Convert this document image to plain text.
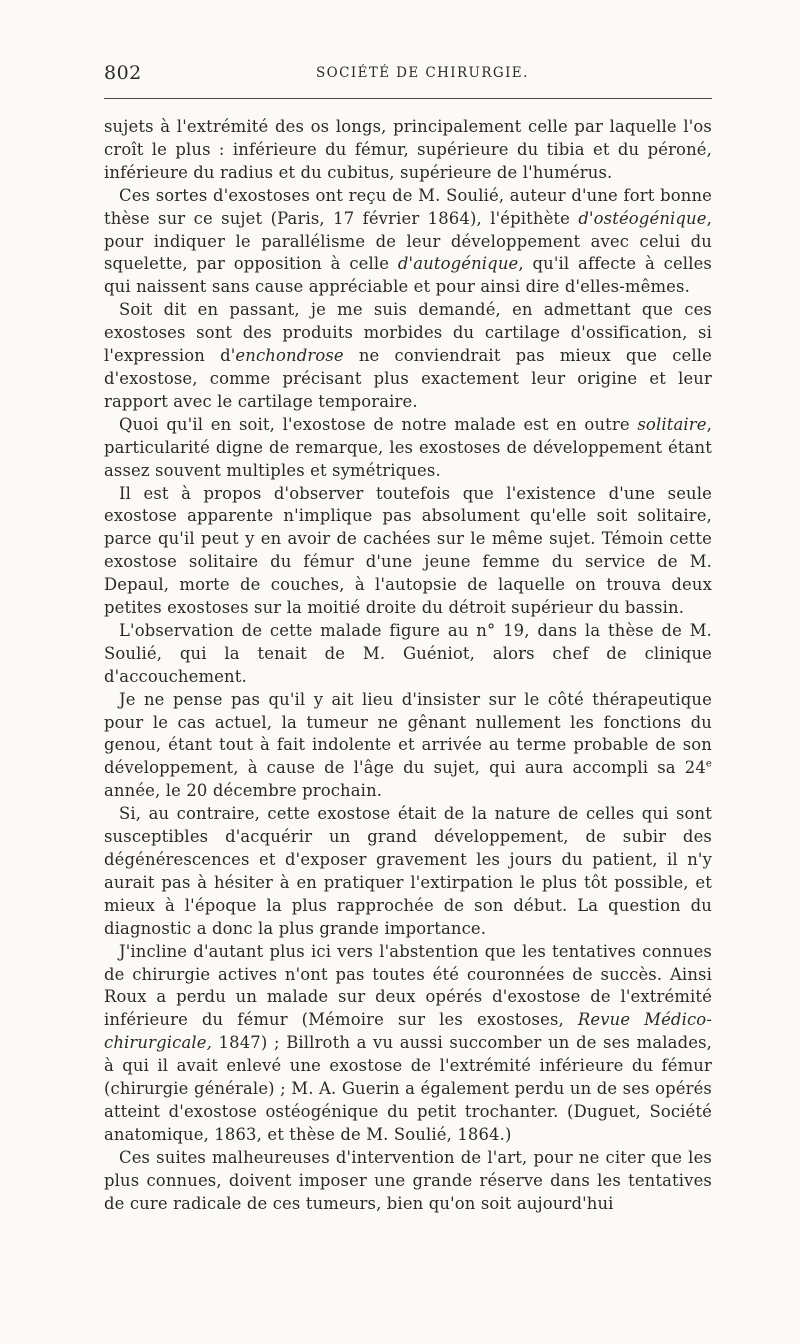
802	SOCIÉTÉ DE CHIRURGIE.

sujets à l'extrémité des os longs, principalement celle par laquelle l'os croît le plus : inférieure du fémur, supérieure du tibia et du péroné, inférieure du radius et du cubitus, supérieure de l'humérus.

Ces sortes d'exostoses ont reçu de M. Soulié, auteur d'une fort bonne thèse sur ce sujet (Paris, 17 février 1864), l'épithète d'ostéogénique, pour indiquer le parallélisme de leur développement avec celui du squelette, par opposition à celle d'autogénique, qu'il affecte à celles qui naissent sans cause appréciable et pour ainsi dire d'elles-mêmes.

Soit dit en passant, je me suis demandé, en admettant que ces exostoses sont des produits morbides du cartilage d'ossification, si l'expression d'enchondrose ne conviendrait pas mieux que celle d'exostose, comme précisant plus exactement leur origine et leur rapport avec le cartilage temporaire.

Quoi qu'il en soit, l'exostose de notre malade est en outre solitaire, particularité digne de remarque, les exostoses de développement étant assez souvent multiples et symétriques.

Il est à propos d'observer toutefois que l'existence d'une seule exostose apparente n'implique pas absolument qu'elle soit solitaire, parce qu'il peut y en avoir de cachées sur le même sujet. Témoin cette exostose solitaire du fémur d'une jeune femme du service de M. Depaul, morte de couches, à l'autopsie de laquelle on trouva deux petites exostoses sur la moitié droite du détroit supérieur du bassin.

L'observation de cette malade figure au n° 19, dans la thèse de M. Soulié, qui la tenait de M. Guéniot, alors chef de clinique d'accouchement.

Je ne pense pas qu'il y ait lieu d'insister sur le côté thérapeutique pour le cas actuel, la tumeur ne gênant nullement les fonctions du genou, étant tout à fait indolente et arrivée au terme probable de son développement, à cause de l'âge du sujet, qui aura accompli sa 24e année, le 20 décembre prochain.

Si, au contraire, cette exostose était de la nature de celles qui sont susceptibles d'acquérir un grand développement, de subir des dégénérescences et d'exposer gravement les jours du patient, il n'y aurait pas à hésiter à en pratiquer l'extirpation le plus tôt possible, et mieux à l'époque la plus rapprochée de son début. La question du diagnostic a donc la plus grande importance.

J'incline d'autant plus ici vers l'abstention que les tentatives connues de chirurgie actives n'ont pas toutes été couronnées de succès. Ainsi Roux a perdu un malade sur deux opérés d'exostose de l'extrémité inférieure du fémur (Mémoire sur les exostoses, Revue Médico-chirurgicale, 1847) ; Billroth a vu aussi succomber un de ses malades, à qui il avait enlevé une exostose de l'extrémité inférieure du fémur (chirurgie générale) ; M. A. Guerin a également perdu un de ses opérés atteint d'exostose ostéogénique du petit trochanter. (Duguet, Société anatomique, 1863, et thèse de M. Soulié, 1864.)

Ces suites malheureuses d'intervention de l'art, pour ne citer que les plus connues, doivent imposer une grande réserve dans les tentatives de cure radicale de ces tumeurs, bien qu'on soit aujourd'hui
